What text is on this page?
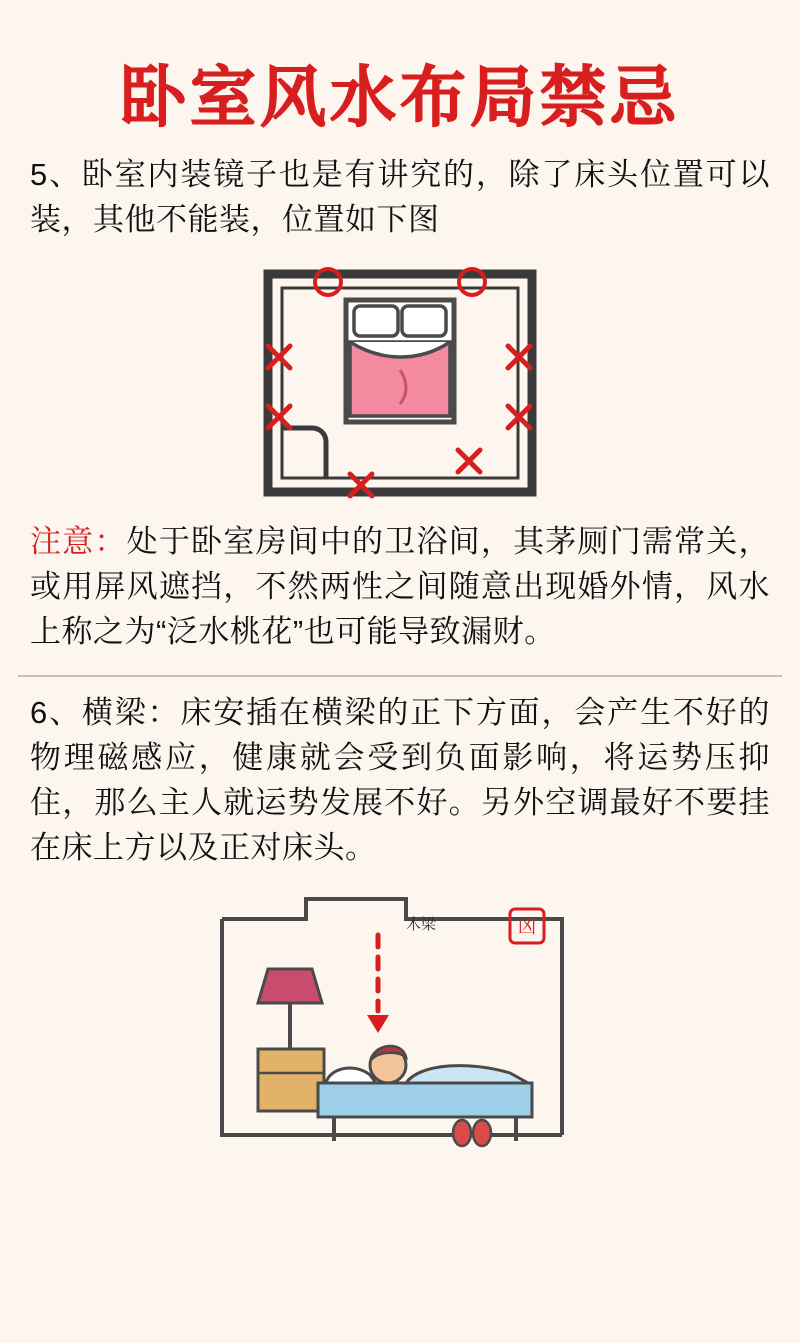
卧室风水布局禁忌
5、卧室内装镜子也是有讲究的，除了床头位置可以装，其他不能装，位置如下图
注意：处于卧室房间中的卫浴间，其茅厕门需常关，或用屏风遮挡，不然两性之间随意出现婚外情，风水上称之为“泛水桃花”也可能导致漏财。
6、横梁：床安插在横梁的正下方面，会产生不好的物理磁感应，健康就会受到负面影响，将运势压抑住，那么主人就运势发展不好。另外空调最好不要挂在床上方以及正对床头。
木梁	凶
